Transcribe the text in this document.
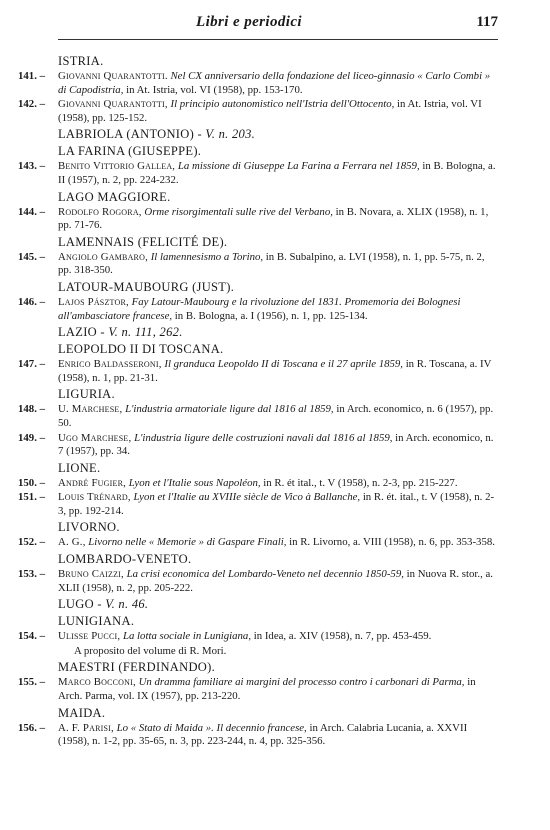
Libri e periodici	117
ISTRIA.
141. – Giovanni Quarantotti. Nel CX anniversario della fondazione del liceo-ginnasio « Carlo Combi » di Capodistria, in At. Istria, vol. VI (1958), pp. 153-170.
142. – Giovanni Quarantotti, Il principio autonomistico nell'Istria dell'Ottocento, in At. Istria, vol. VI (1958), pp. 125-152.
LABRIOLA (ANTONIO) - V. n. 203.
LA FARINA (GIUSEPPE).
143. – Benito Vittorio Gallea, La missione di Giuseppe La Farina a Ferrara nel 1859, in B. Bologna, a. II (1957), n. 2, pp. 224-232.
LAGO MAGGIORE.
144. – Rodolfo Rogora, Orme risorgimentali sulle rive del Verbano, in B. Novara, a. XLIX (1958), n. 1, pp. 71-76.
LAMENNAIS (FELICITÉ DE).
145. – Angiolo Gambaro, Il lamennesismo a Torino, in B. Subalpino, a. LVI (1958), n. 1, pp. 5-75, n. 2, pp. 318-350.
LATOUR-MAUBOURG (JUST).
146. – Lajos Pásztor, Fay Latour-Maubourg e la rivoluzione del 1831. Promemoria dei Bolognesi all'ambasciatore francese, in B. Bologna, a. I (1956), n. 1, pp. 125-134.
LAZIO - V. n. 111, 262.
LEOPOLDO II DI TOSCANA.
147. – Enrico Baldasseroni, Il granduca Leopoldo II di Toscana e il 27 aprile 1859, in R. Toscana, a. IV (1958), n. 1, pp. 21-31.
LIGURIA.
148. – U. Marchese, L'industria armatoriale ligure dal 1816 al 1859, in Arch. economico, n. 6 (1957), pp. 50.
149. – Ugo Marchese, L'industria ligure delle costruzioni navali dal 1816 al 1859, in Arch. economico, n. 7 (1957), pp. 34.
LIONE.
150. – André Fugier, Lyon et l'Italie sous Napoléon, in R. ét ital., t. V (1958), n. 2-3, pp. 215-227.
151. – Louis Trénard, Lyon et l'Italie au XVIIIe siècle de Vico à Ballanche, in R. ét. ital., t. V (1958), n. 2-3, pp. 192-214.
LIVORNO.
152. – A. G., Livorno nelle « Memorie » di Gaspare Finali, in R. Livorno, a. VIII (1958), n. 6, pp. 353-358.
LOMBARDO-VENETO.
153. – Bruno Caizzi, La crisi economica del Lombardo-Veneto nel decennio 1850-59, in Nuova R. stor., a. XLII (1958), n. 2, pp. 205-222.
LUGO - V. n. 46.
LUNIGIANA.
154. – Ulisse Pucci, La lotta sociale in Lunigiana, in Idea, a. XIV (1958), n. 7, pp. 453-459.
A proposito del volume di R. Mori.
MAESTRI (FERDINANDO).
155. – Marco Bocconi, Un dramma familiare ai margini del processo contro i carbonari di Parma, in Arch. Parma, vol. IX (1957), pp. 213-220.
MAIDA.
156. – A. F. Parisi, Lo « Stato di Maida ». Il decennio francese, in Arch. Calabria Lucania, a. XXVII (1958), n. 1-2, pp. 35-65, n. 3, pp. 223-244, n. 4, pp. 325-356.
